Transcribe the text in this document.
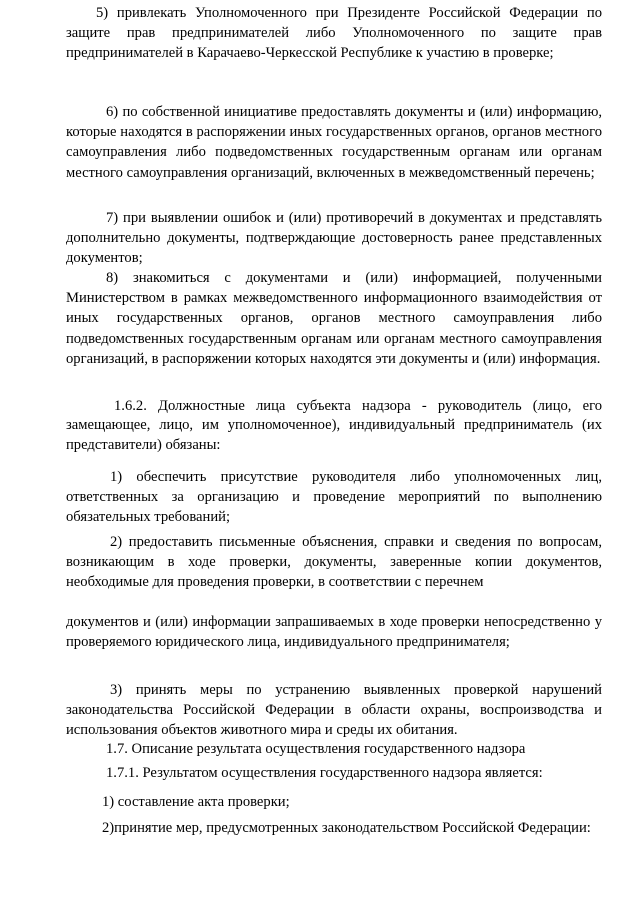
5) привлекать Уполномоченного при Президенте Российской Федерации по защите прав предпринимателей либо Уполномоченного по защите прав предпринимателей в Карачаево-Черкесской Республике к участию в проверке;

6) по собственной инициативе предоставлять документы и (или) информацию, которые находятся в распоряжении иных государственных органов, органов местного самоуправления либо подведомственных государственным органам или органам местного самоуправления организаций, включенных в межведомственный перечень;

7) при выявлении ошибок и (или) противоречий в документах и представлять дополнительно документы, подтверждающие достоверность ранее представленных документов;

8) знакомиться с документами и (или) информацией, полученными Министерством в рамках межведомственного информационного взаимодействия от иных государственных органов, органов местного самоуправления либо подведомственных государственным органам или органам местного самоуправления организаций, в распоряжении которых находятся эти документы и (или) информация.

1.6.2. Должностные лица субъекта надзора - руководитель (лицо, его замещающее, лицо, им уполномоченное), индивидуальный предприниматель (их представители) обязаны:

1) обеспечить присутствие руководителя либо уполномоченных лиц, ответственных за организацию и проведение мероприятий по выполнению обязательных требований;

2) предоставить письменные объяснения, справки и сведения по вопросам, возникающим в ходе проверки, документы, заверенные копии документов, необходимые для проведения проверки, в соответствии с перечнем

документов и (или) информации запрашиваемых в ходе проверки непосредственно у проверяемого юридического лица, индивидуального предпринимателя;

3) принять меры по устранению выявленных проверкой нарушений законодательства Российской Федерации в области охраны, воспроизводства и использования объектов животного мира и среды их обитания.

1.7. Описание результата осуществления государственного надзора

1.7.1. Результатом осуществления государственного надзора является:

1) составление акта проверки;

2)принятие мер, предусмотренных законодательством Российской Федерации:
